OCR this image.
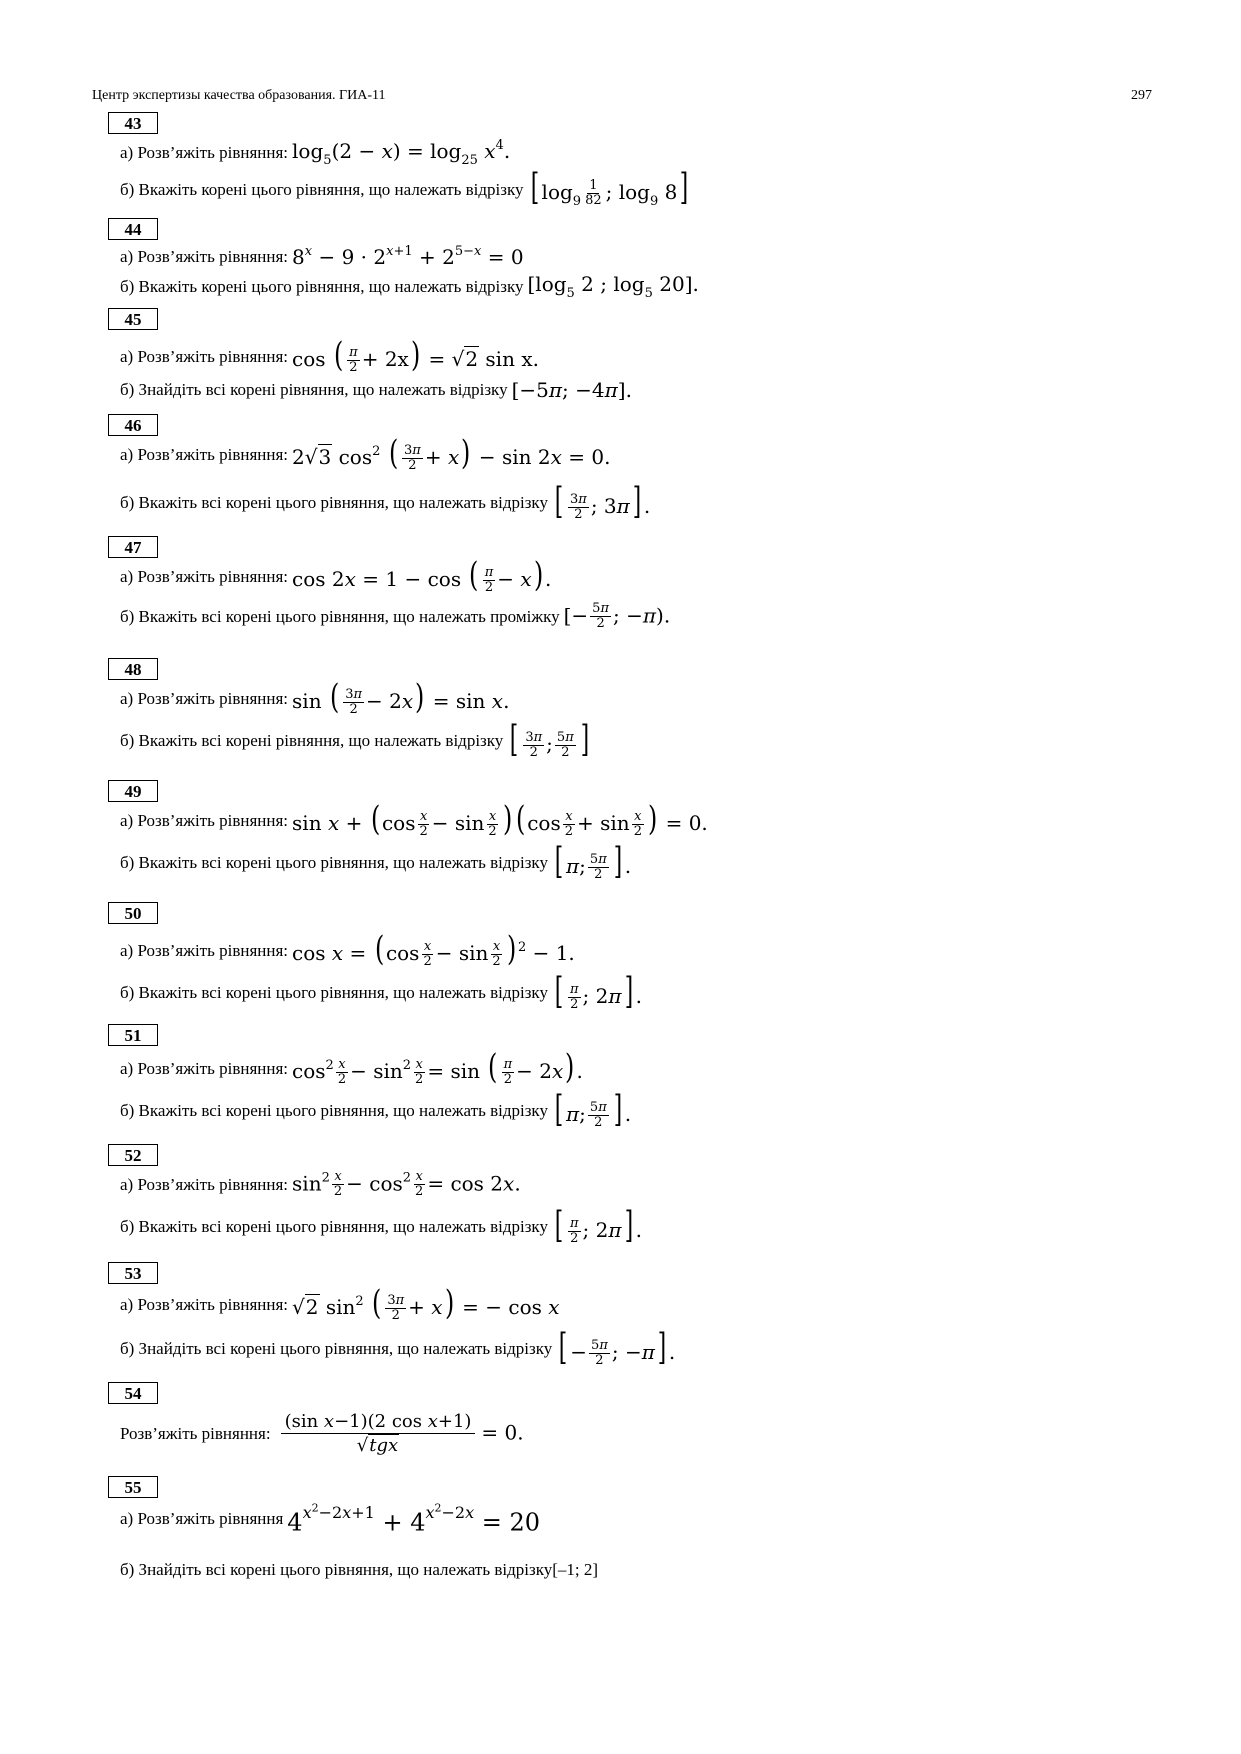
Центр экспертизы качества образования. ГИА-11	297
43
а) Розв’яжіть рівняння: $\log_5(2 - x) = \log_{25} x^4$.
б) Вкажіть корені цього рівняння, що належать відрізку [ $\log_9 \frac{1}{82}$ ; $\log_9 8$]
44
а) Розв’яжіть рівняння: $8^x - 9 \cdot 2^{x+1} + 2^{5-x} = 0$
б) Вкажіть корені цього рівняння, що належать відрізку [$\log_5$ 2 ; $\log_5 20$].
45
а) Розв’яжіть рівняння: cos ( $\frac{\pi}{2} + 2x) = √2$ sin x.
б) Знайдіть всі корені рівняння, що належать відрізку [−5π; −4π].
46
а) Розв’яжіть рівняння: 2√3 $\cos^2$ ( $\frac{3\pi}{2} + x) - \sin 2x = 0$.
б) Вкажіть всі корені цього рівняння, що належать відрізку [ $\frac{3\pi}{2}$ ; 3π] .
47
а) Розв’яжіть рівняння: cos 2x = 1 − cos ( $\frac{\pi}{2} - x$).
б) Вкажіть всі корені цього рівняння, що належать проміжку [− $\frac{5\pi}{2}$ ; −π).
48
а) Розв’яжіть рівняння: sin ( $\frac{3\pi}{2} - 2x) = \sin x$.
б) Вкажіть всі корені рівняння, що належать відрізку [ $\frac{3\pi}{2}$ ; $\frac{5\pi}{2}$ ]
49
а) Розв’яжіть рівняння: $\sin x + (\cos \frac{x}{2} - \sin \frac{x}{2}$ ) ($\cos \frac{x}{2} + \sin \frac{x}{2}$ ) = 0.
б) Вкажіть всі корені цього рівняння, що належать відрізку [ π; $\frac{5\pi}{2}$ ] .
50
а) Розв’яжіть рівняння: $\cos x = (\cos \frac{x}{2} - \sin \frac{x}{2}$ ) $^2$ − 1.
б) Вкажіть всі корені цього рівняння, що належать відрізку [ $\frac{\pi}{2}$ ; 2π] .
51
а) Розв’яжіть рівняння: $\cos^2 \frac{x}{2} - \sin^2 \frac{x}{2} = \sin$ ( $\frac{\pi}{2} - 2x$).
б) Вкажіть всі корені цього рівняння, що належать відрізку [ π; $\frac{5\pi}{2}$ ] .
52
а) Розв’яжіть рівняння: $\sin^2 \frac{x}{2} - \cos^2 \frac{x}{2} = \cos 2x$.
б) Вкажіть всі корені цього рівняння, що належать відрізку [ $\frac{\pi}{2}$ ; 2π] .
53
а) Розв’яжіть рівняння: √2 $\sin^2$ ( $\frac{3\pi}{2} + x$) = − cos x
б) Знайдіть всі корені цього рівняння, що належать відрізку [ − $\frac{5\pi}{2}$ ; −π] .
54
Розв’яжіть рівняння:
(sin x−1)(2 cos x+1)
√tgx
= 0.
55
а) Розв’яжіть рівняння $4^{x^2-2x+1} + 4^{x^2-2x} = 20$
б) Знайдіть всі корені цього рівняння, що належать відрізку[–1; 2]
